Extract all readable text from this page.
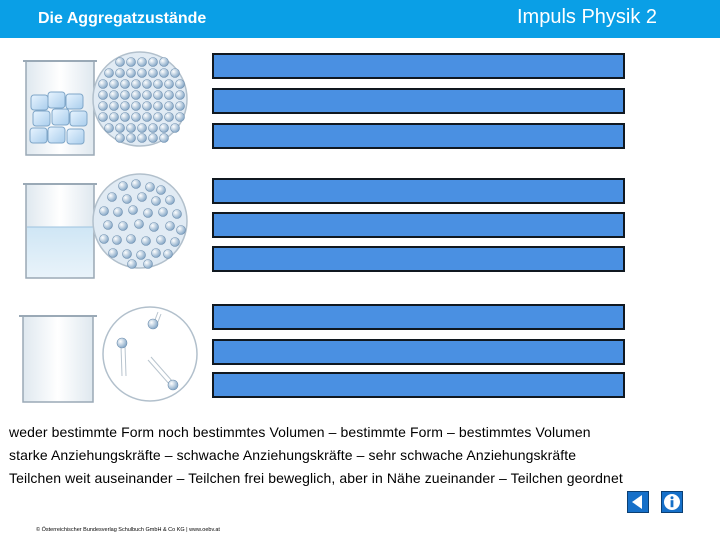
Die Aggregatzustände	Impuls Physik 2
weder bestimmte Form noch bestimmtes Volumen – bestimmte Form – bestimmtes Volumen
starke Anziehungskräfte – schwache Anziehungskräfte – sehr schwache Anziehungskräfte
Teilchen weit auseinander – Teilchen frei beweglich, aber in Nähe zueinander – Teilchen geordnet
© Österreichischer Bundesverlag Schulbuch GmbH & Co KG | www.oebv.at
